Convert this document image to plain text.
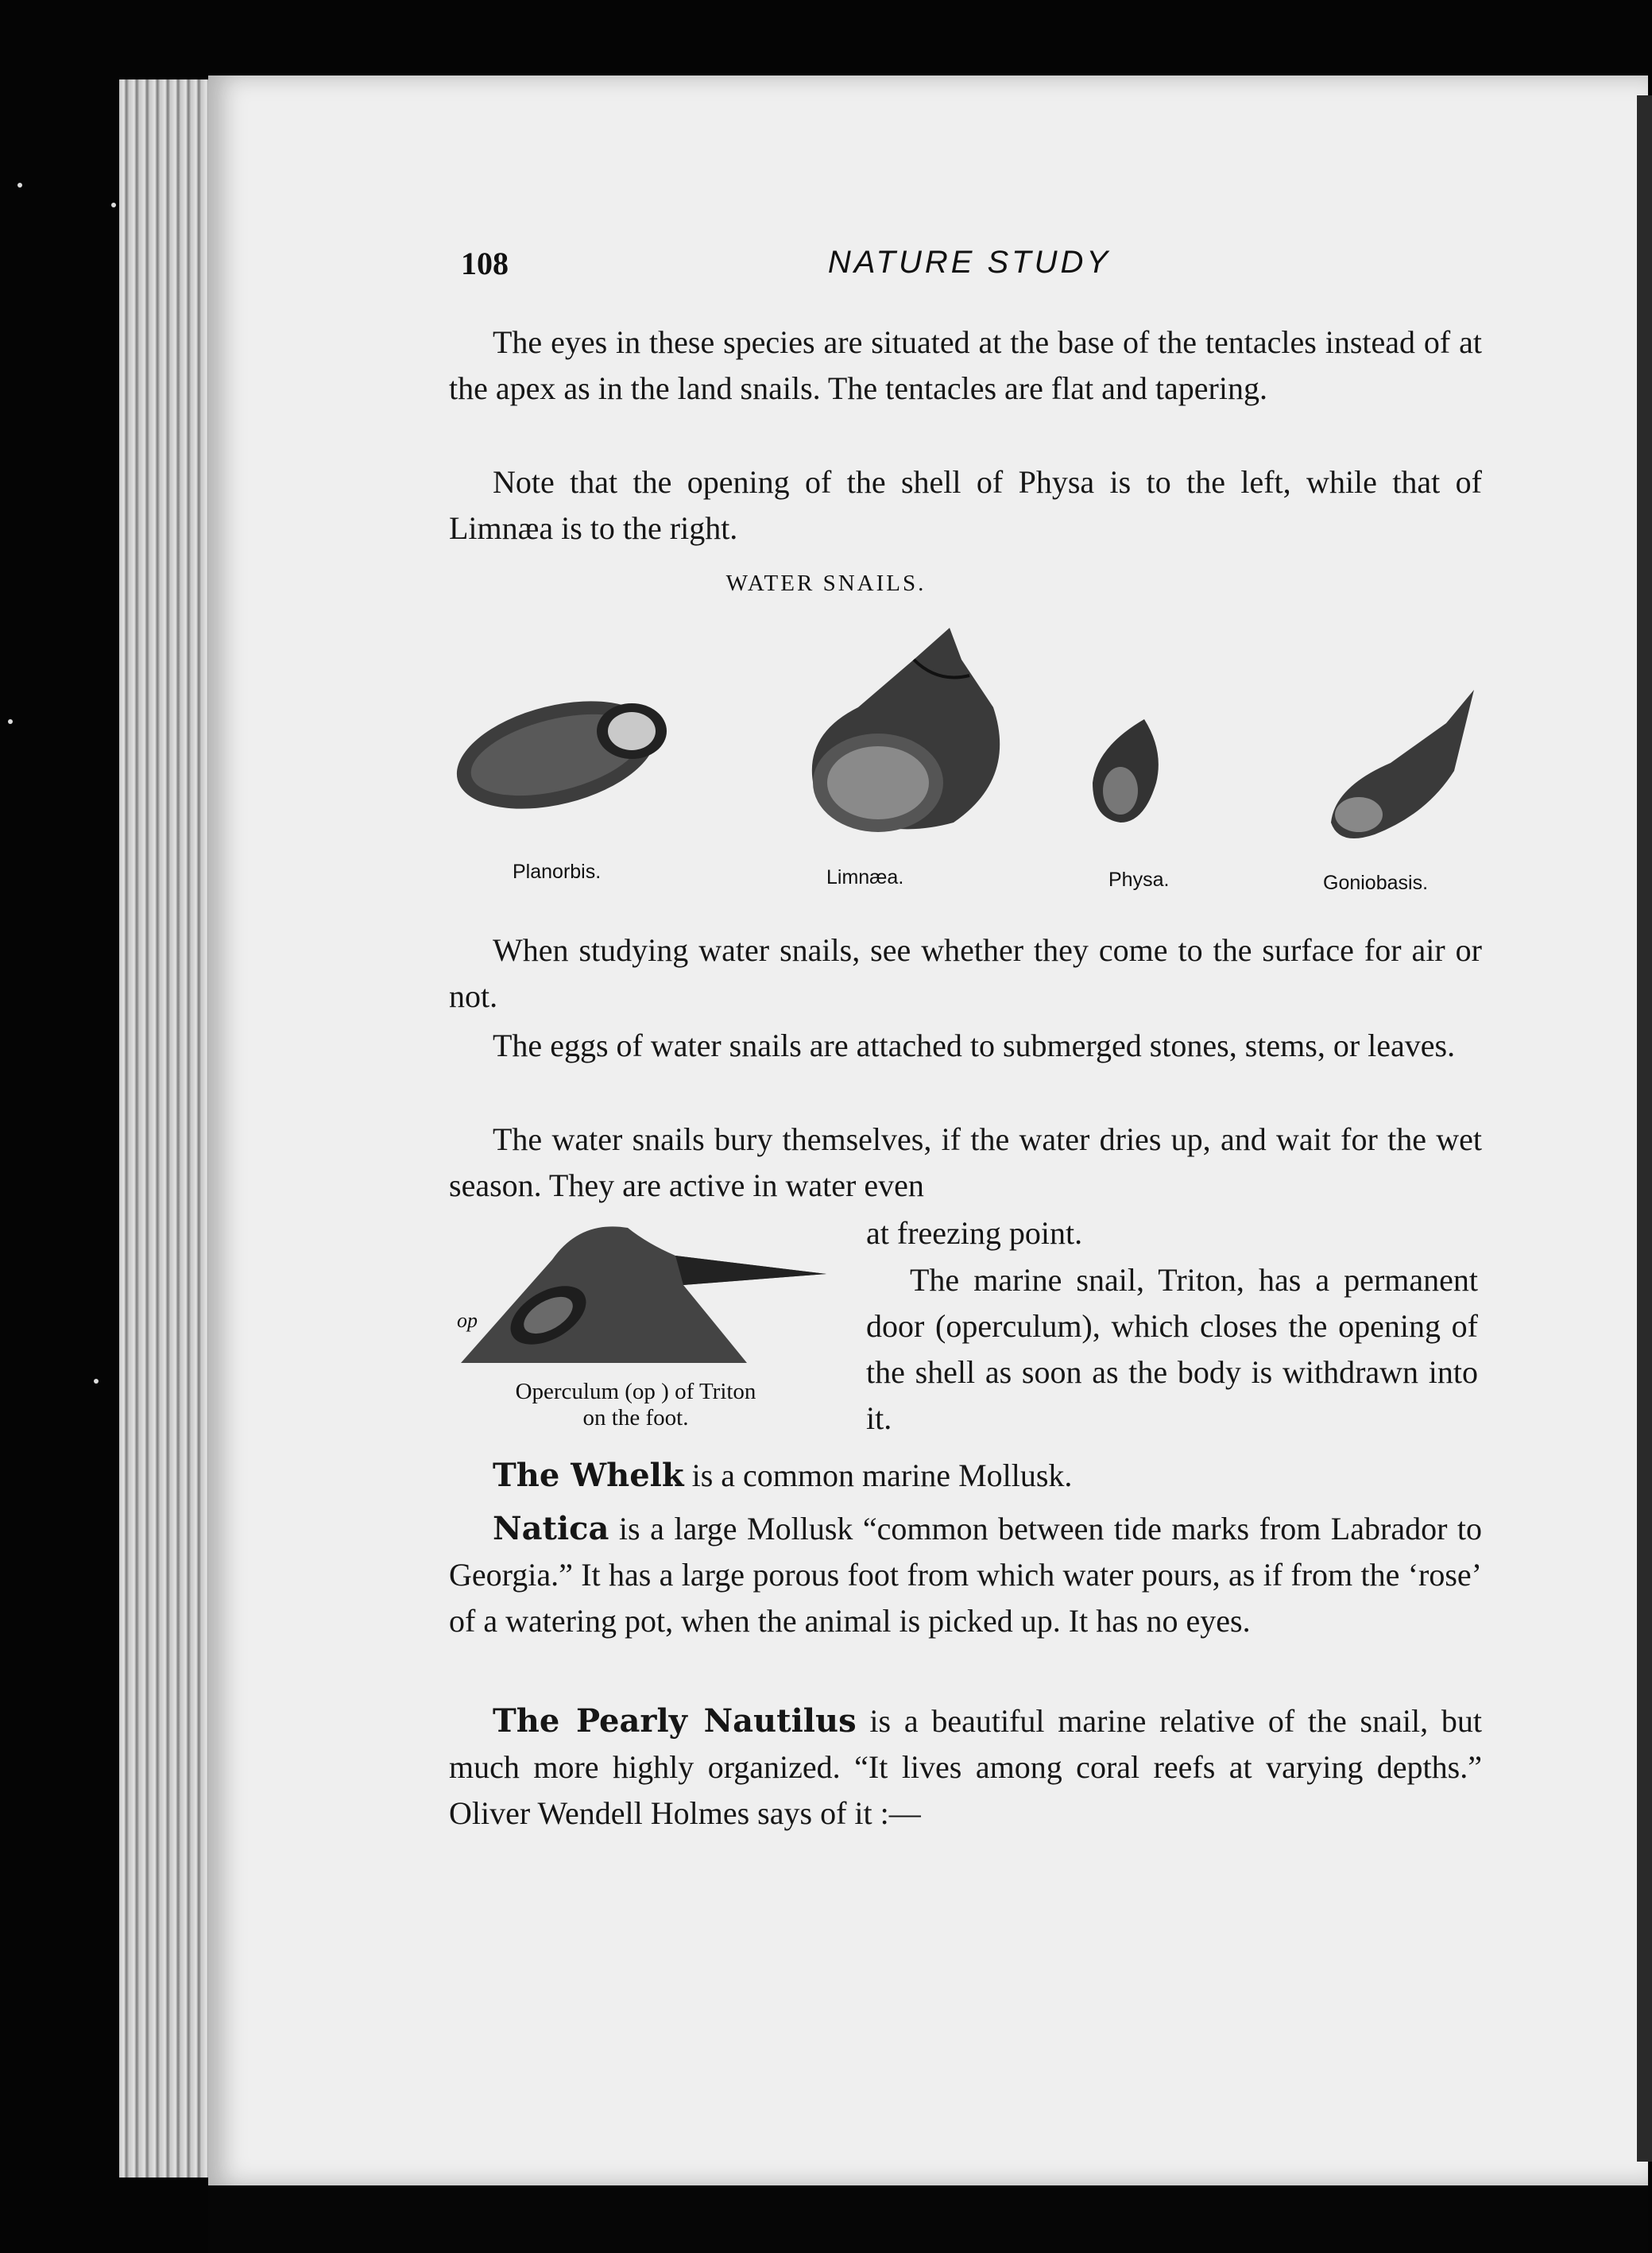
108	NATURE STUDY
The eyes in these species are situated at the base of the tentacles instead of at the apex as in the land snails. The tentacles are flat and tapering.
Note that the opening of the shell of Physa is to the left, while that of Limnæa is to the right.
WATER SNAILS.
Planorbis.	Limnæa.	Physa.	Goniobasis.
When studying water snails, see whether they come to the surface for air or not.
The eggs of water snails are attached to submerged stones, stems, or leaves.
The water snails bury themselves, if the water dries up, and wait for the wet season. They are active in water even
op
Operculum (op ) of Triton
on the foot.
at freezing point.
The marine snail, Triton, has a permanent door (operculum), which closes the opening of the shell as soon as the body is withdrawn into it.
The Whelk is a common marine Mollusk.
Natica is a large Mollusk “common between tide marks from Labrador to Georgia.” It has a large porous foot from which water pours, as if from the ‘rose’ of a watering pot, when the animal is picked up. It has no eyes.
The Pearly Nautilus is a beautiful marine relative of the snail, but much more highly organized. “It lives among coral reefs at varying depths.” Oliver Wendell Holmes says of it :—
